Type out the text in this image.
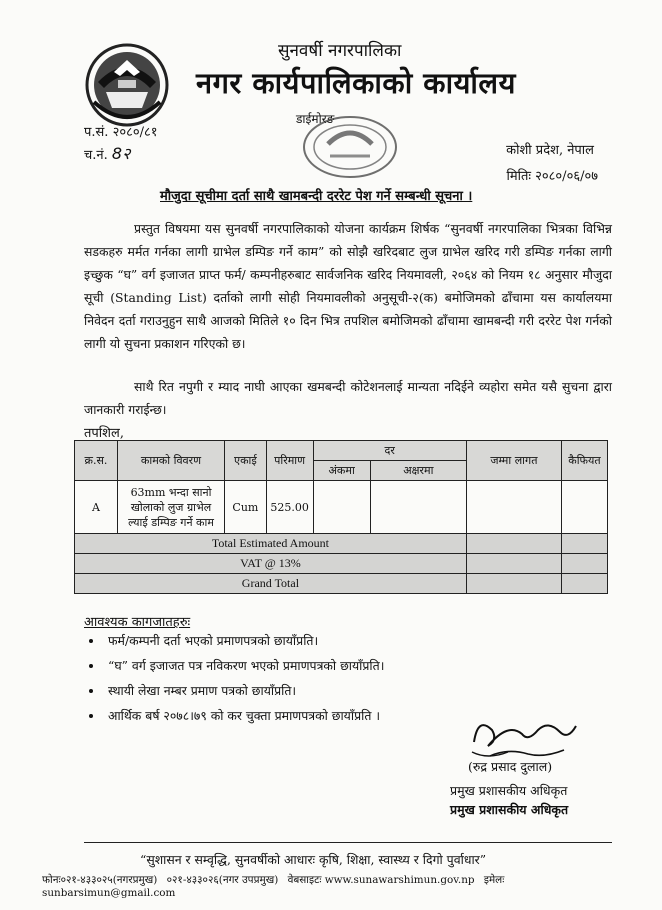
सुनवर्षी नगरपालिका
नगर कार्यपालिकाको कार्यालय
डाईमोरङ
प.सं. २०८०/८१
च.नं. 8२	कोशी प्रदेश, नेपाल
मितिः २०८०/०६/०७
मौजुदा सूचीमा दर्ता साथै खामबन्दी दररेट पेश गर्ने सम्बन्धी सूचना ।
प्रस्तुत विषयमा यस सुनवर्षी नगरपालिकाको योजना कार्यक्रम शिर्षक “सुनवर्षी नगरपालिका भित्रका विभिन्न सडकहरु मर्मत गर्नका लागी ग्राभेल डम्पिङ गर्ने काम” को सोझै खरिदबाट लुज ग्राभेल खरिद गरी डम्पिङ गर्नका लागी इच्छुक “घ” वर्ग इजाजत प्राप्त फर्म/ कम्पनीहरुबाट सार्वजनिक खरिद नियमावली, २०६४ को नियम १८ अनुसार मौजुदा सूची (Standing List) दर्ताको लागी सोही नियमावलीको अनुसूची-२(क) बमोजिमको ढाँचामा यस कार्यालयमा निवेदन दर्ता गराउनुहुन साथै आजको मितिले १० दिन भित्र तपशिल बमोजिमको ढाँचामा खामबन्दी गरी दररेट पेश गर्नको लागी यो सुचना प्रकाशन गरिएको छ।
साथै रित नपुगी र म्याद नाघी आएका खमबन्दी कोटेशनलाई मान्यता नदिईने व्यहोरा समेत यसै सुचना द्वारा जानकारी गराईन्छ।
तपशिल,
क्र.स.	कामको विवरण	एकाई	परिमाण	दर		जम्मा लागत	कैफियत
				अंकमा	अक्षरमा		
A	63mm भन्दा सानो खोलाको लुज ग्राभेल ल्याई डम्पिङ गर्ने काम	Cum	525.00				
Total Estimated Amount							
VAT @ 13%							
Grand Total							
आवश्यक कागजातहरुः
• फर्म/कम्पनी दर्ता भएको प्रमाणपत्रको छायाँप्रति।
• “घ” वर्ग इजाजत पत्र नविकरण भएको प्रमाणपत्रको छायाँप्रति।
• स्थायी लेखा नम्बर प्रमाण पत्रको छायाँप्रति।
• आर्थिक बर्ष २०७८।७९ को कर चुक्ता प्रमाणपत्रको छायाँप्रति ।
(रुद्र प्रसाद दुलाल)
प्रमुख प्रशासकीय अधिकृत
प्रमुख प्रशासकीय अधिकृत
“सुशासन र सम्वृद्धि, सुनवर्षीको आधारः कृषि, शिक्षा, स्वास्थ्य र दिगो पुर्वाधार”
फोनः०२१-४३३०२५(नगरप्रमुख) ०२१-४३३०२६(नगर उपप्रमुख) वेबसाइटः www.sunawarshimun.gov.np इमेलः sunbarsimun@gmail.com
